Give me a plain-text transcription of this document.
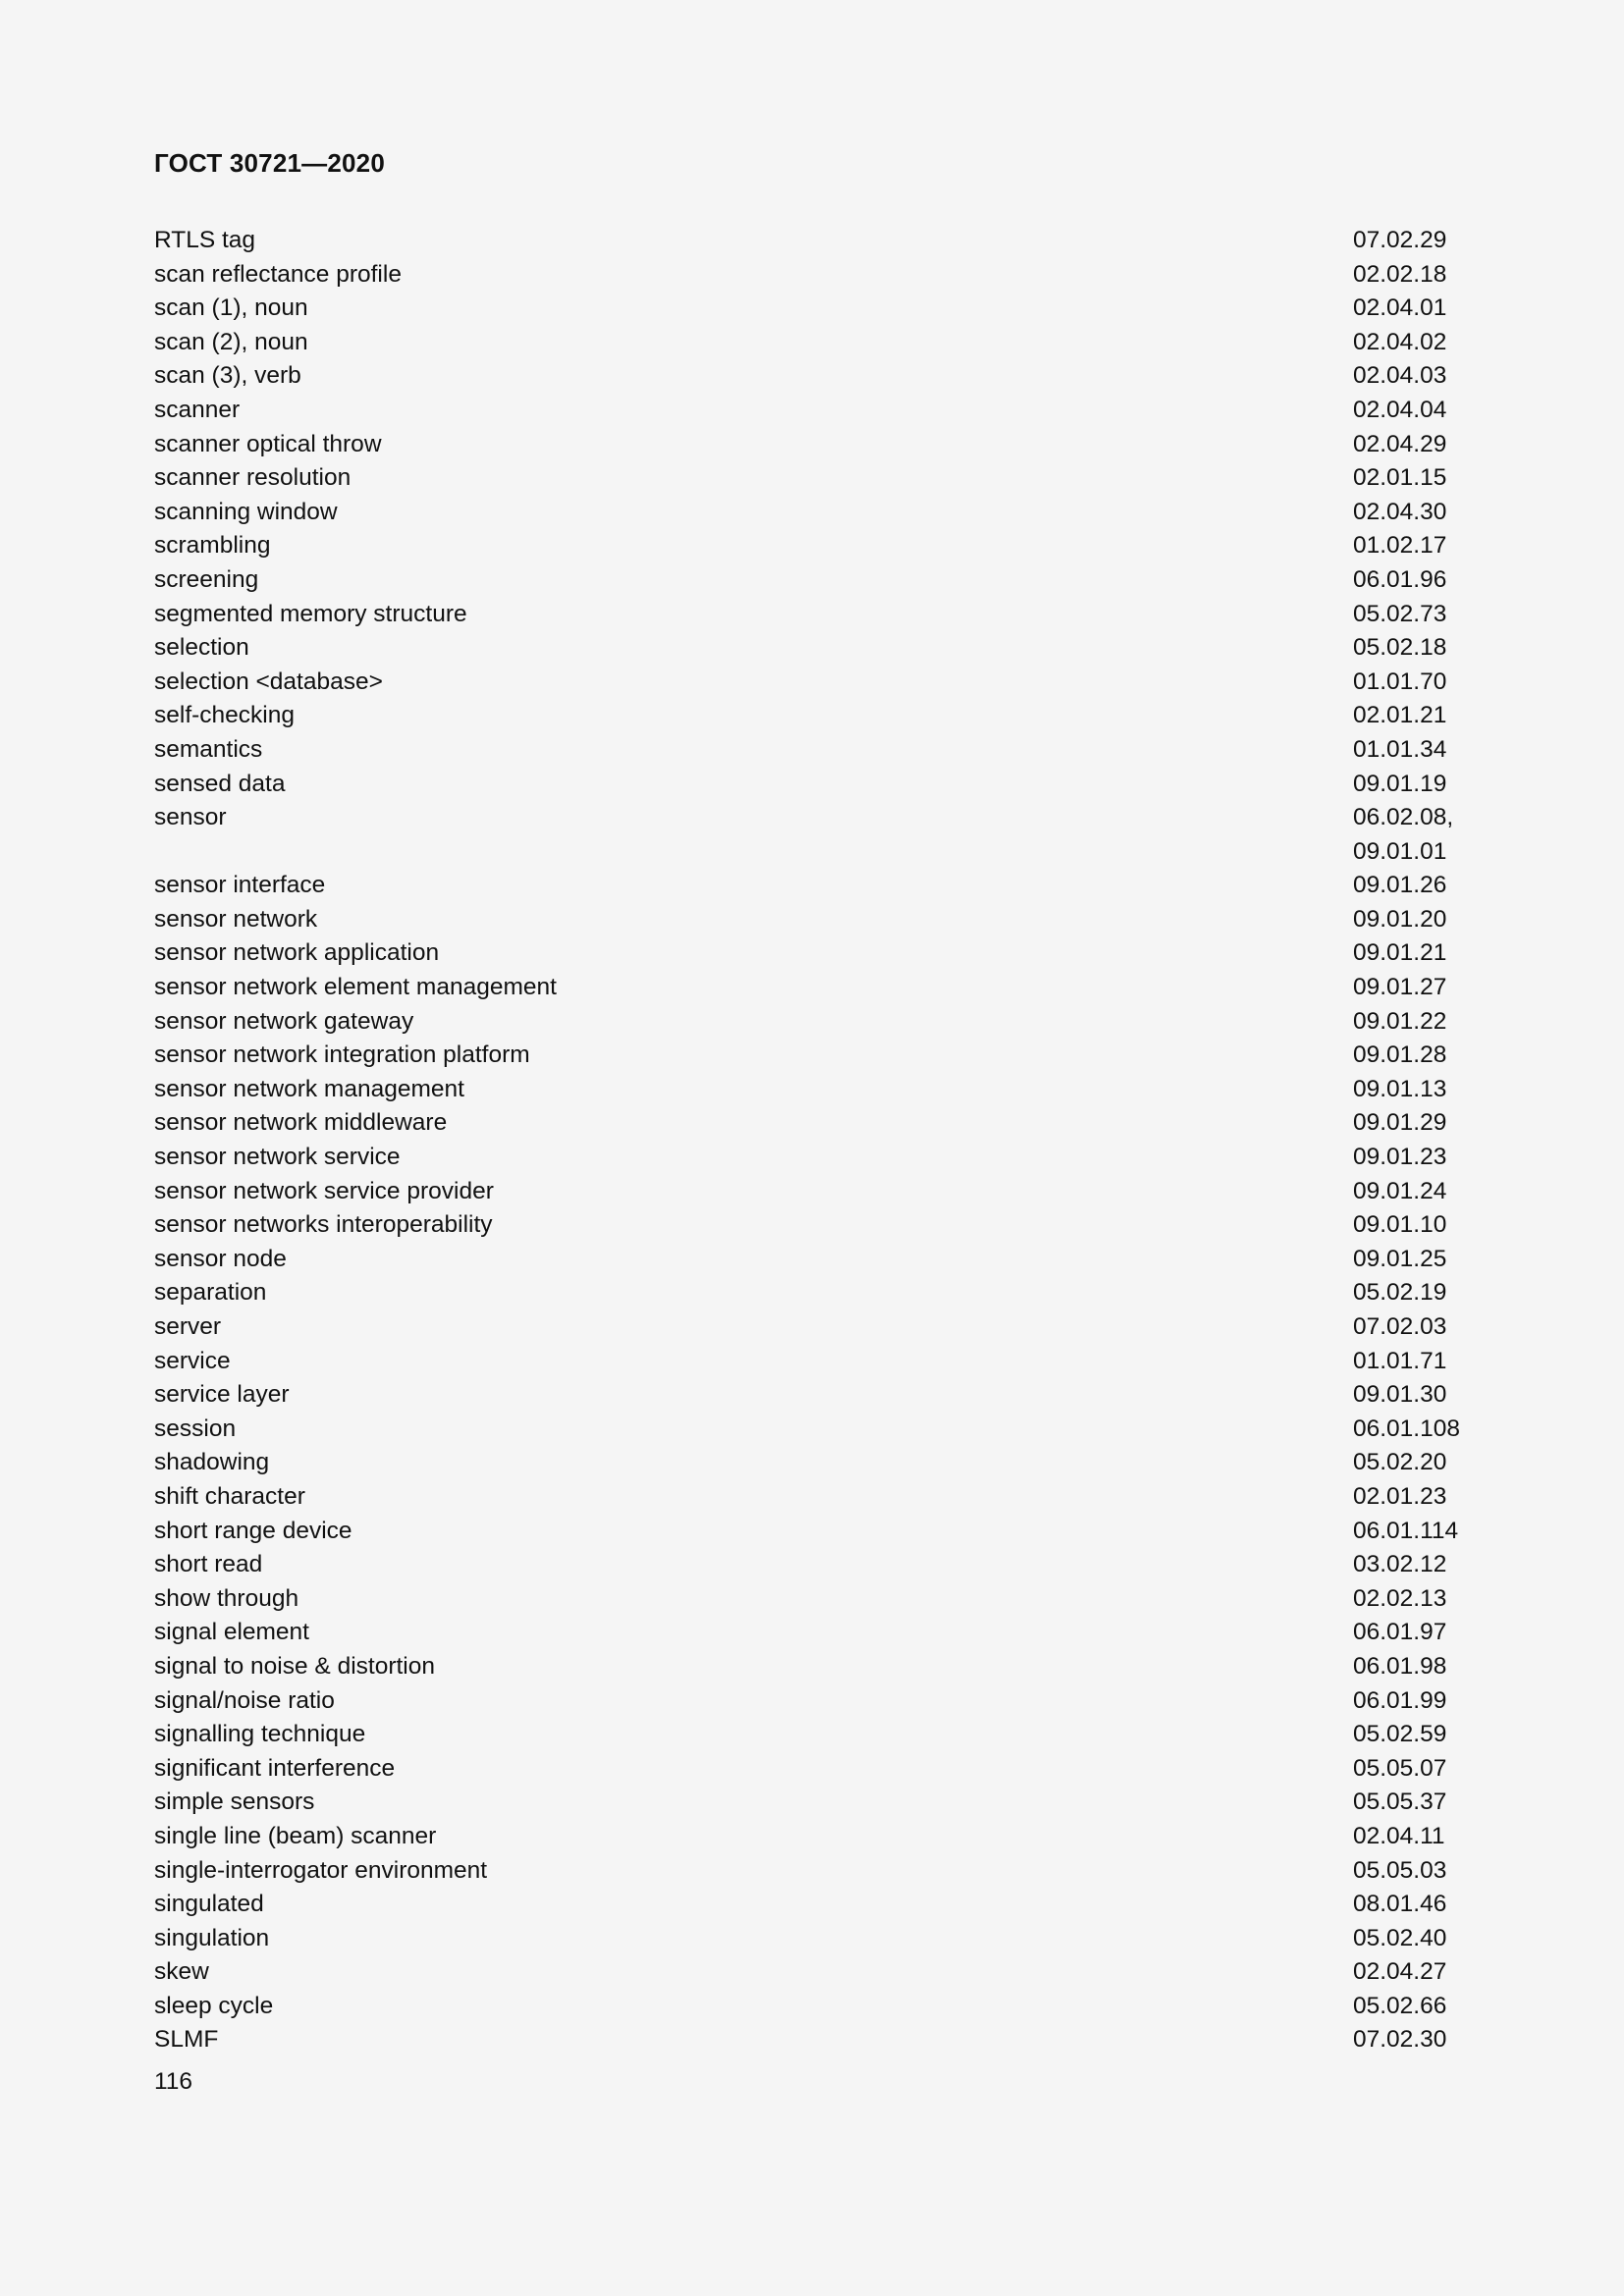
ГОСТ 30721—2020
RTLS tag	07.02.29
scan reflectance profile	02.02.18
scan (1), noun	02.04.01
scan (2), noun	02.04.02
scan (3), verb	02.04.03
scanner	02.04.04
scanner optical throw	02.04.29
scanner resolution	02.01.15
scanning window	02.04.30
scrambling	01.02.17
screening	06.01.96
segmented memory structure	05.02.73
selection	05.02.18
selection <database>	01.01.70
self-checking	02.01.21
semantics	01.01.34
sensed data	09.01.19
sensor	06.02.08,
09.01.01
sensor interface	09.01.26
sensor network	09.01.20
sensor network application	09.01.21
sensor network element management	09.01.27
sensor network gateway	09.01.22
sensor network integration platform	09.01.28
sensor network management	09.01.13
sensor network middleware	09.01.29
sensor network service	09.01.23
sensor network service provider	09.01.24
sensor networks interoperability	09.01.10
sensor node	09.01.25
separation	05.02.19
server	07.02.03
service	01.01.71
service layer	09.01.30
session	06.01.108
shadowing	05.02.20
shift character	02.01.23
short range device	06.01.114
short read	03.02.12
show through	02.02.13
signal element	06.01.97
signal to noise & distortion	06.01.98
signal/noise ratio	06.01.99
signalling technique	05.02.59
significant interference	05.05.07
simple sensors	05.05.37
single line (beam) scanner	02.04.11
single-interrogator environment	05.05.03
singulated	08.01.46
singulation	05.02.40
skew	02.04.27
sleep cycle	05.02.66
SLMF	07.02.30
116
